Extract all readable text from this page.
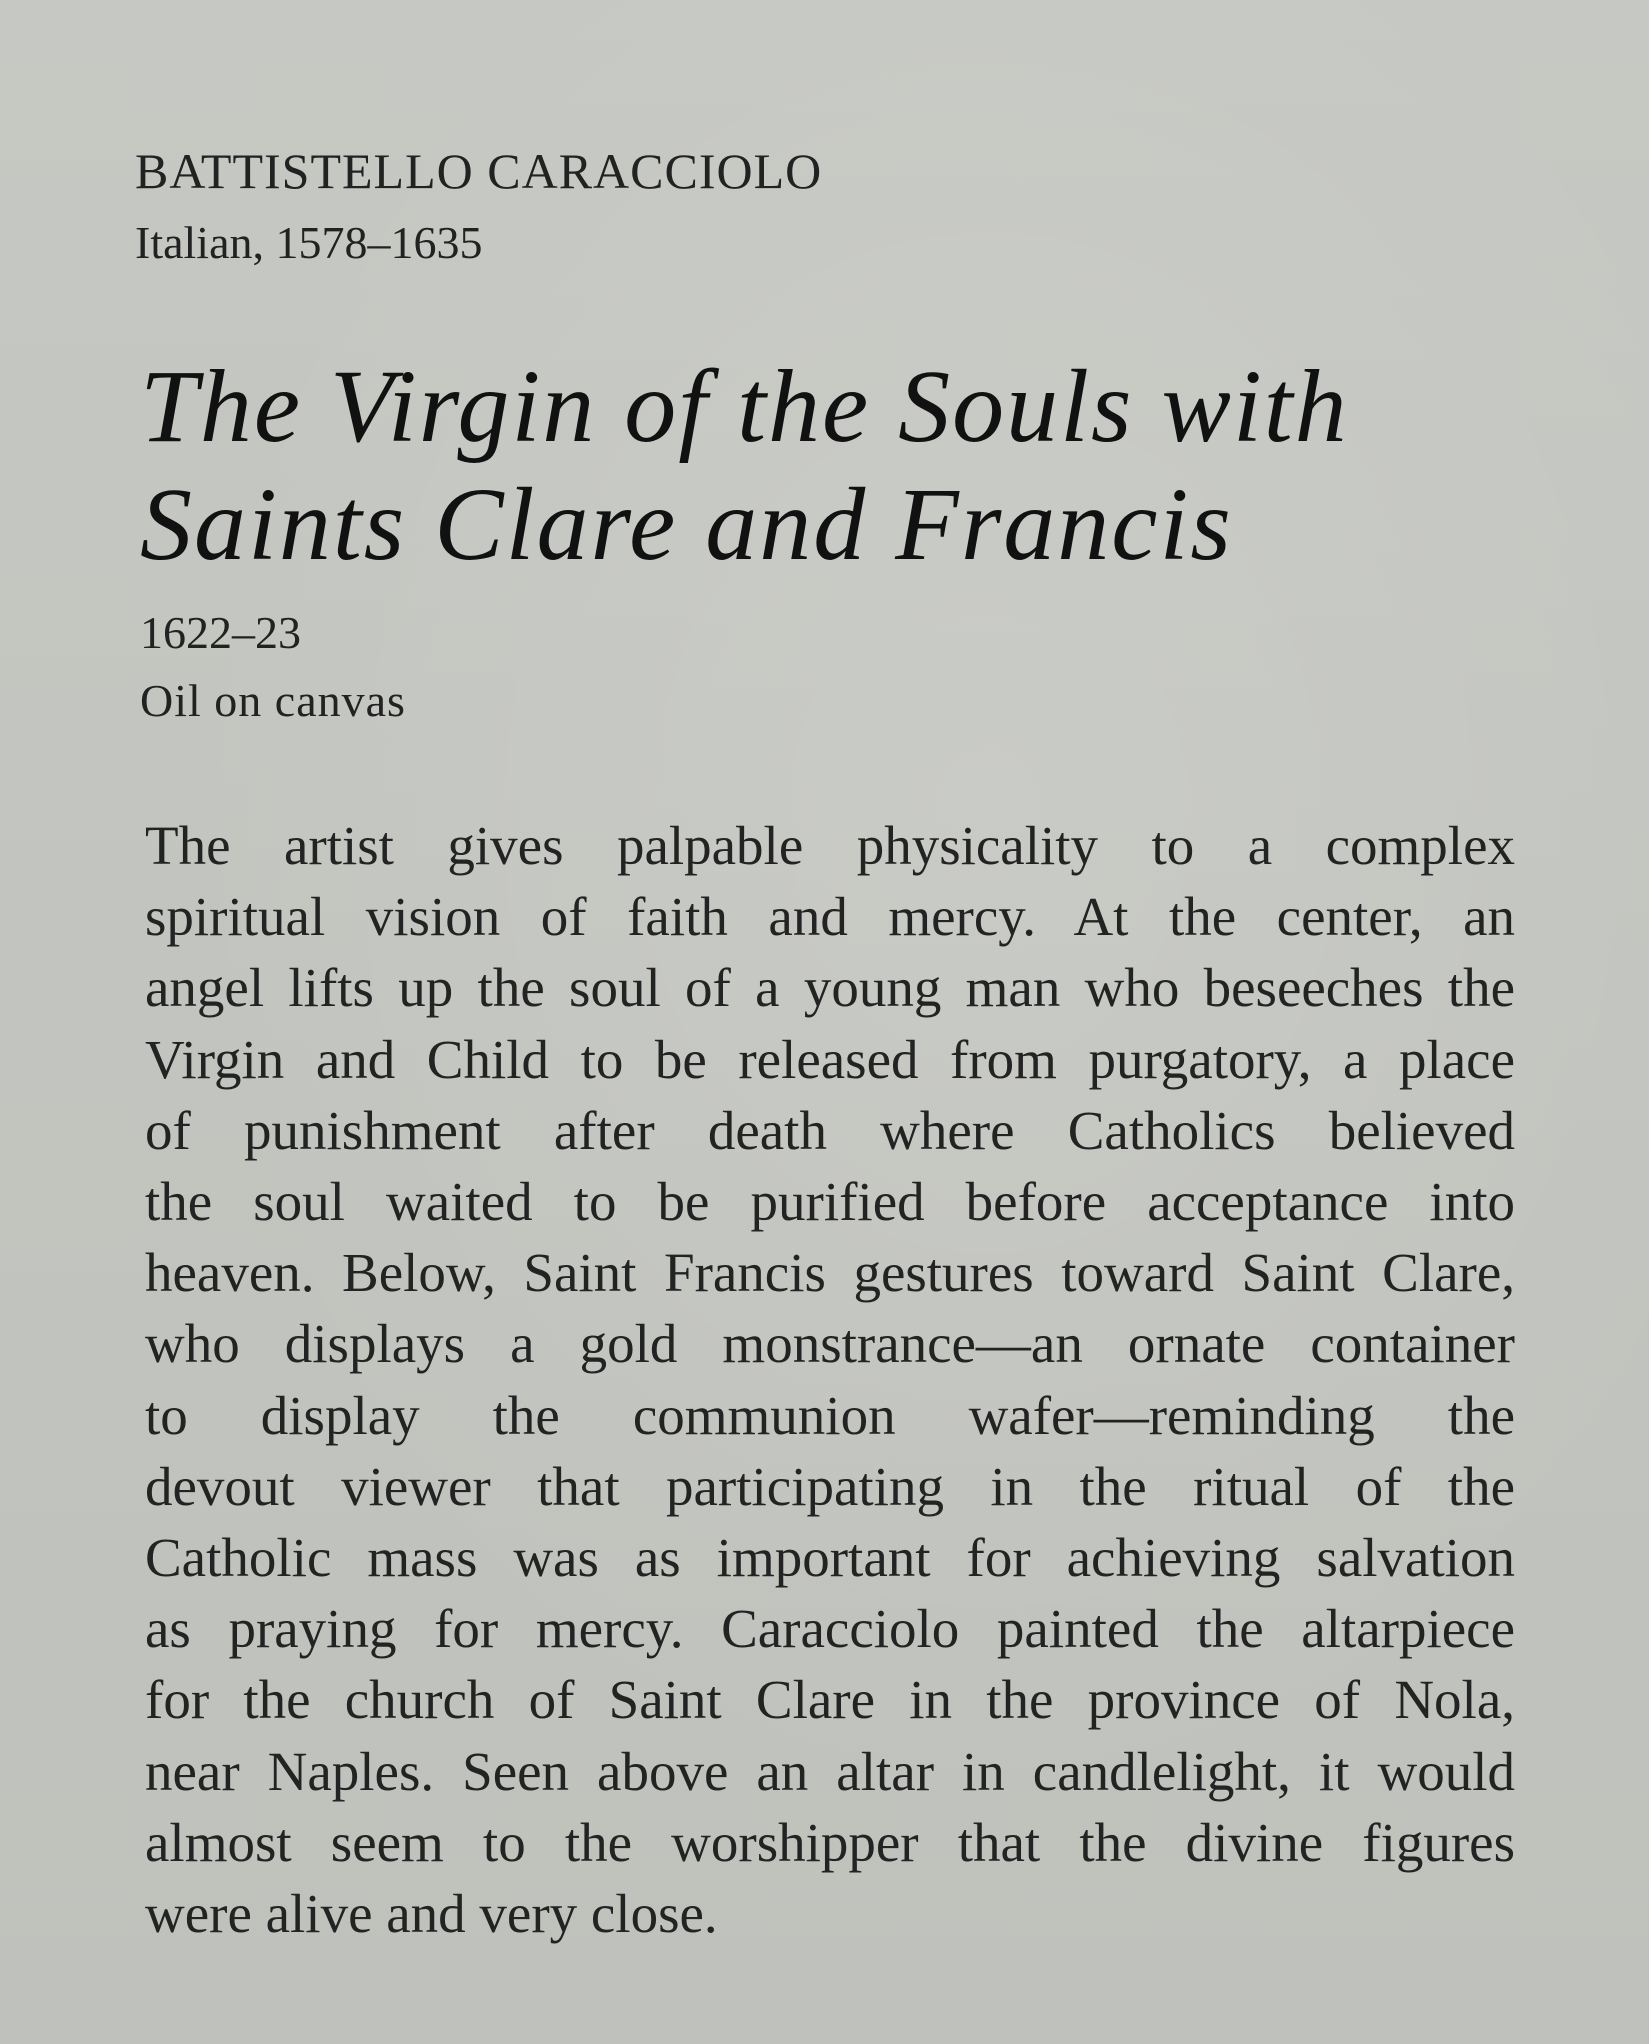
BATTISTELLO CARACCIOLO
Italian, 1578–1635
The Virgin of the Souls with
Saints Clare and Francis
1622–23
Oil on canvas
The artist gives palpable physicality to a complex
spiritual vision of faith and mercy. At the center, an
angel lifts up the soul of a young man who beseeches the
Virgin and Child to be released from purgatory, a place
of punishment after death where Catholics believed
the soul waited to be purified before acceptance into
heaven. Below, Saint Francis gestures toward Saint Clare,
who displays a gold monstrance—an ornate container
to display the communion wafer—reminding the
devout viewer that participating in the ritual of the
Catholic mass was as important for achieving salvation
as praying for mercy. Caracciolo painted the altarpiece
for the church of Saint Clare in the province of Nola,
near Naples. Seen above an altar in candlelight, it would
almost seem to the worshipper that the divine figures
were alive and very close.
